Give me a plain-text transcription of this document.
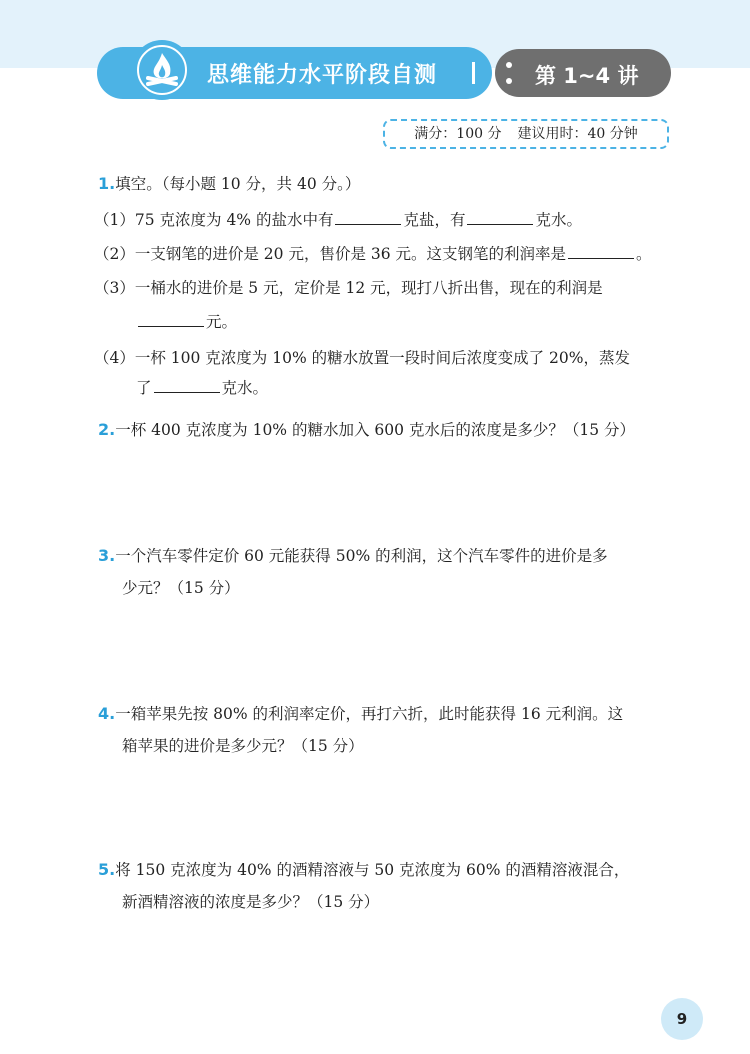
思维能力水平阶段自测	第 1~4 讲
满分：100 分 建议用时：40 分钟
1.填空。（每小题 10 分，共 40 分。）
（1）75 克浓度为 4% 的盐水中有	克盐，有	克水。
（2）一支钢笔的进价是 20 元，售价是 36 元。这支钢笔的利润率是	。
（3）一桶水的进价是 5 元，定价是 12 元，现打八折出售，现在的利润是
元。
（4）一杯 100 克浓度为 10% 的糖水放置一段时间后浓度变成了 20%，蒸发
了	克水。
2.一杯 400 克浓度为 10% 的糖水加入 600 克水后的浓度是多少？（15 分）
3.一个汽车零件定价 60 元能获得 50% 的利润，这个汽车零件的进价是多
少元？（15 分）
4.一箱苹果先按 80% 的利润率定价，再打六折，此时能获得 16 元利润。这
箱苹果的进价是多少元？（15 分）
5.将 150 克浓度为 40% 的酒精溶液与 50 克浓度为 60% 的酒精溶液混合，
新酒精溶液的浓度是多少？（15 分）
9
